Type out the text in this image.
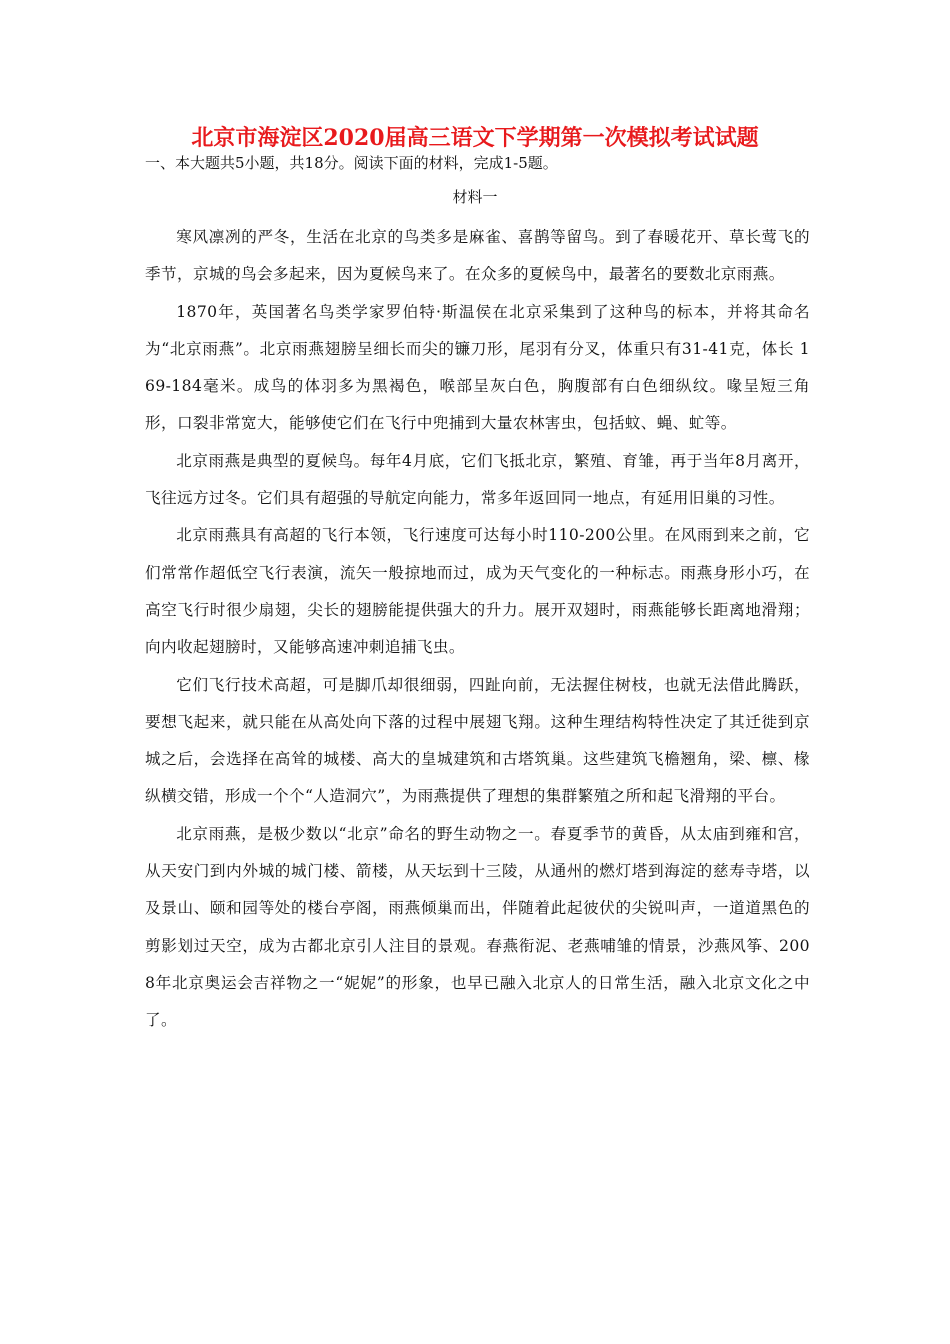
北京市海淀区2020届高三语文下学期第一次模拟考试试题
一、本大题共5小题，共18分。阅读下面的材料，完成1-5题。
材料一

寒风凛冽的严冬，生活在北京的鸟类多是麻雀、喜鹊等留鸟。到了春暖花开、草长莺飞的季节，京城的鸟会多起来，因为夏候鸟来了。在众多的夏候鸟中，最著名的要数北京雨燕。

1870年，英国著名鸟类学家罗伯特·斯温侯在北京采集到了这种鸟的标本，并将其命名为“北京雨燕”。北京雨燕翅膀呈细长而尖的镰刀形，尾羽有分叉，体重只有31-41克，体长 169-184毫米。成鸟的体羽多为黑褐色，喉部呈灰白色，胸腹部有白色细纵纹。喙呈短三角形，口裂非常宽大，能够使它们在飞行中兜捕到大量农林害虫，包括蚊、蝇、虻等。

北京雨燕是典型的夏候鸟。每年4月底，它们飞抵北京，繁殖、育雏，再于当年8月离开，飞往远方过冬。它们具有超强的导航定向能力，常多年返回同一地点，有延用旧巢的习性。

北京雨燕具有高超的飞行本领，飞行速度可达每小时110-200公里。在风雨到来之前，它们常常作超低空飞行表演，流矢一般掠地而过，成为天气变化的一种标志。雨燕身形小巧，在高空飞行时很少扇翅，尖长的翅膀能提供强大的升力。展开双翅时，雨燕能够长距离地滑翔；向内收起翅膀时，又能够高速冲刺追捕飞虫。

它们飞行技术高超，可是脚爪却很细弱，四趾向前，无法握住树枝，也就无法借此腾跃，要想飞起来，就只能在从高处向下落的过程中展翅飞翔。这种生理结构特性决定了其迁徙到京城之后，会选择在高耸的城楼、高大的皇城建筑和古塔筑巢。这些建筑飞檐翘角，梁、檩、椽纵横交错，形成一个个“人造洞穴”，为雨燕提供了理想的集群繁殖之所和起飞滑翔的平台。

北京雨燕，是极少数以“北京”命名的野生动物之一。春夏季节的黄昏，从太庙到雍和宫，从天安门到内外城的城门楼、箭楼，从天坛到十三陵，从通州的燃灯塔到海淀的慈寿寺塔，以及景山、颐和园等处的楼台亭阁，雨燕倾巢而出，伴随着此起彼伏的尖锐叫声，一道道黑色的剪影划过天空，成为古都北京引人注目的景观。春燕衔泥、老燕哺雏的情景，沙燕风筝、2008年北京奥运会吉祥物之一“妮妮”的形象，也早已融入北京人的日常生活，融入北京文化之中了。
